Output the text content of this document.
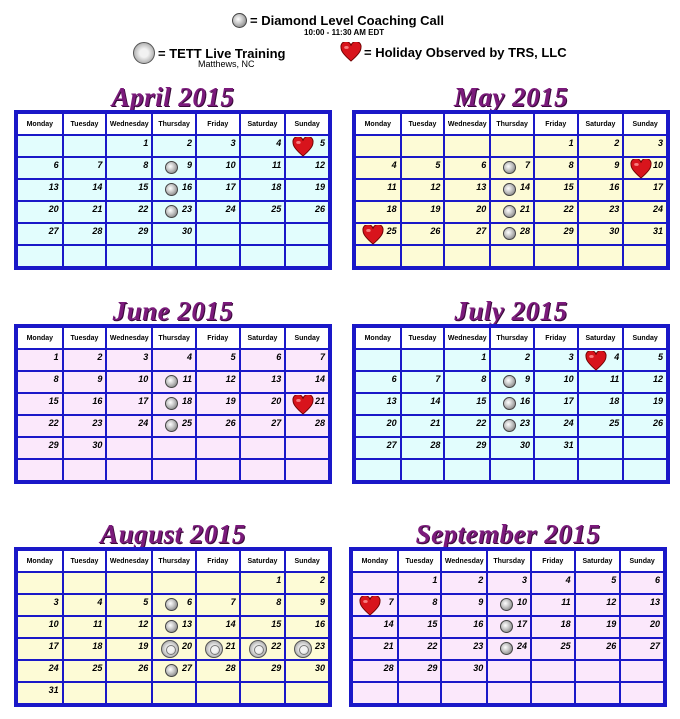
= Diamond Level Coaching Call
10:00 - 11:30 AM EDT
= TETT Live Training
Matthews, NC
= Holiday Observed by TRS, LLC
April 2015
Monday	Tuesday	Wednesday	Thursday	Friday	Saturday	Sunday

		1	2	3	4	5

6	7	8	9	10	11	12

13	14	15	16	17	18	19

20	21	22	23	24	25	26

27	28	29	30			

May 2015
Monday	Tuesday	Wednesday	Thursday	Friday	Saturday	Sunday

				1	2	3

4	5	6	7	8	9	10

11	12	13	14	15	16	17

18	19	20	21	22	23	24

25	26	27	28	29	30	31

June 2015
Monday	Tuesday	Wednesday	Thursday	Friday	Saturday	Sunday

1	2	3	4	5	6	7

8	9	10	11	12	13	14

15	16	17	18	19	20	21

22	23	24	25	26	27	28

29	30					

July 2015
Monday	Tuesday	Wednesday	Thursday	Friday	Saturday	Sunday

		1	2	3	4	5

6	7	8	9	10	11	12

13	14	15	16	17	18	19

20	21	22	23	24	25	26

27	28	29	30	31		

August 2015
Monday	Tuesday	Wednesday	Thursday	Friday	Saturday	Sunday

					1	2

3	4	5	6	7	8	9

10	11	12	13	14	15	16

17	18	19	20	21	22	23

24	25	26	27	28	29	30

31						

September 2015
Monday	Tuesday	Wednesday	Thursday	Friday	Saturday	Sunday

	1	2	3	4	5	6

7	8	9	10	11	12	13

14	15	16	17	18	19	20

21	22	23	24	25	26	27

28	29	30				
